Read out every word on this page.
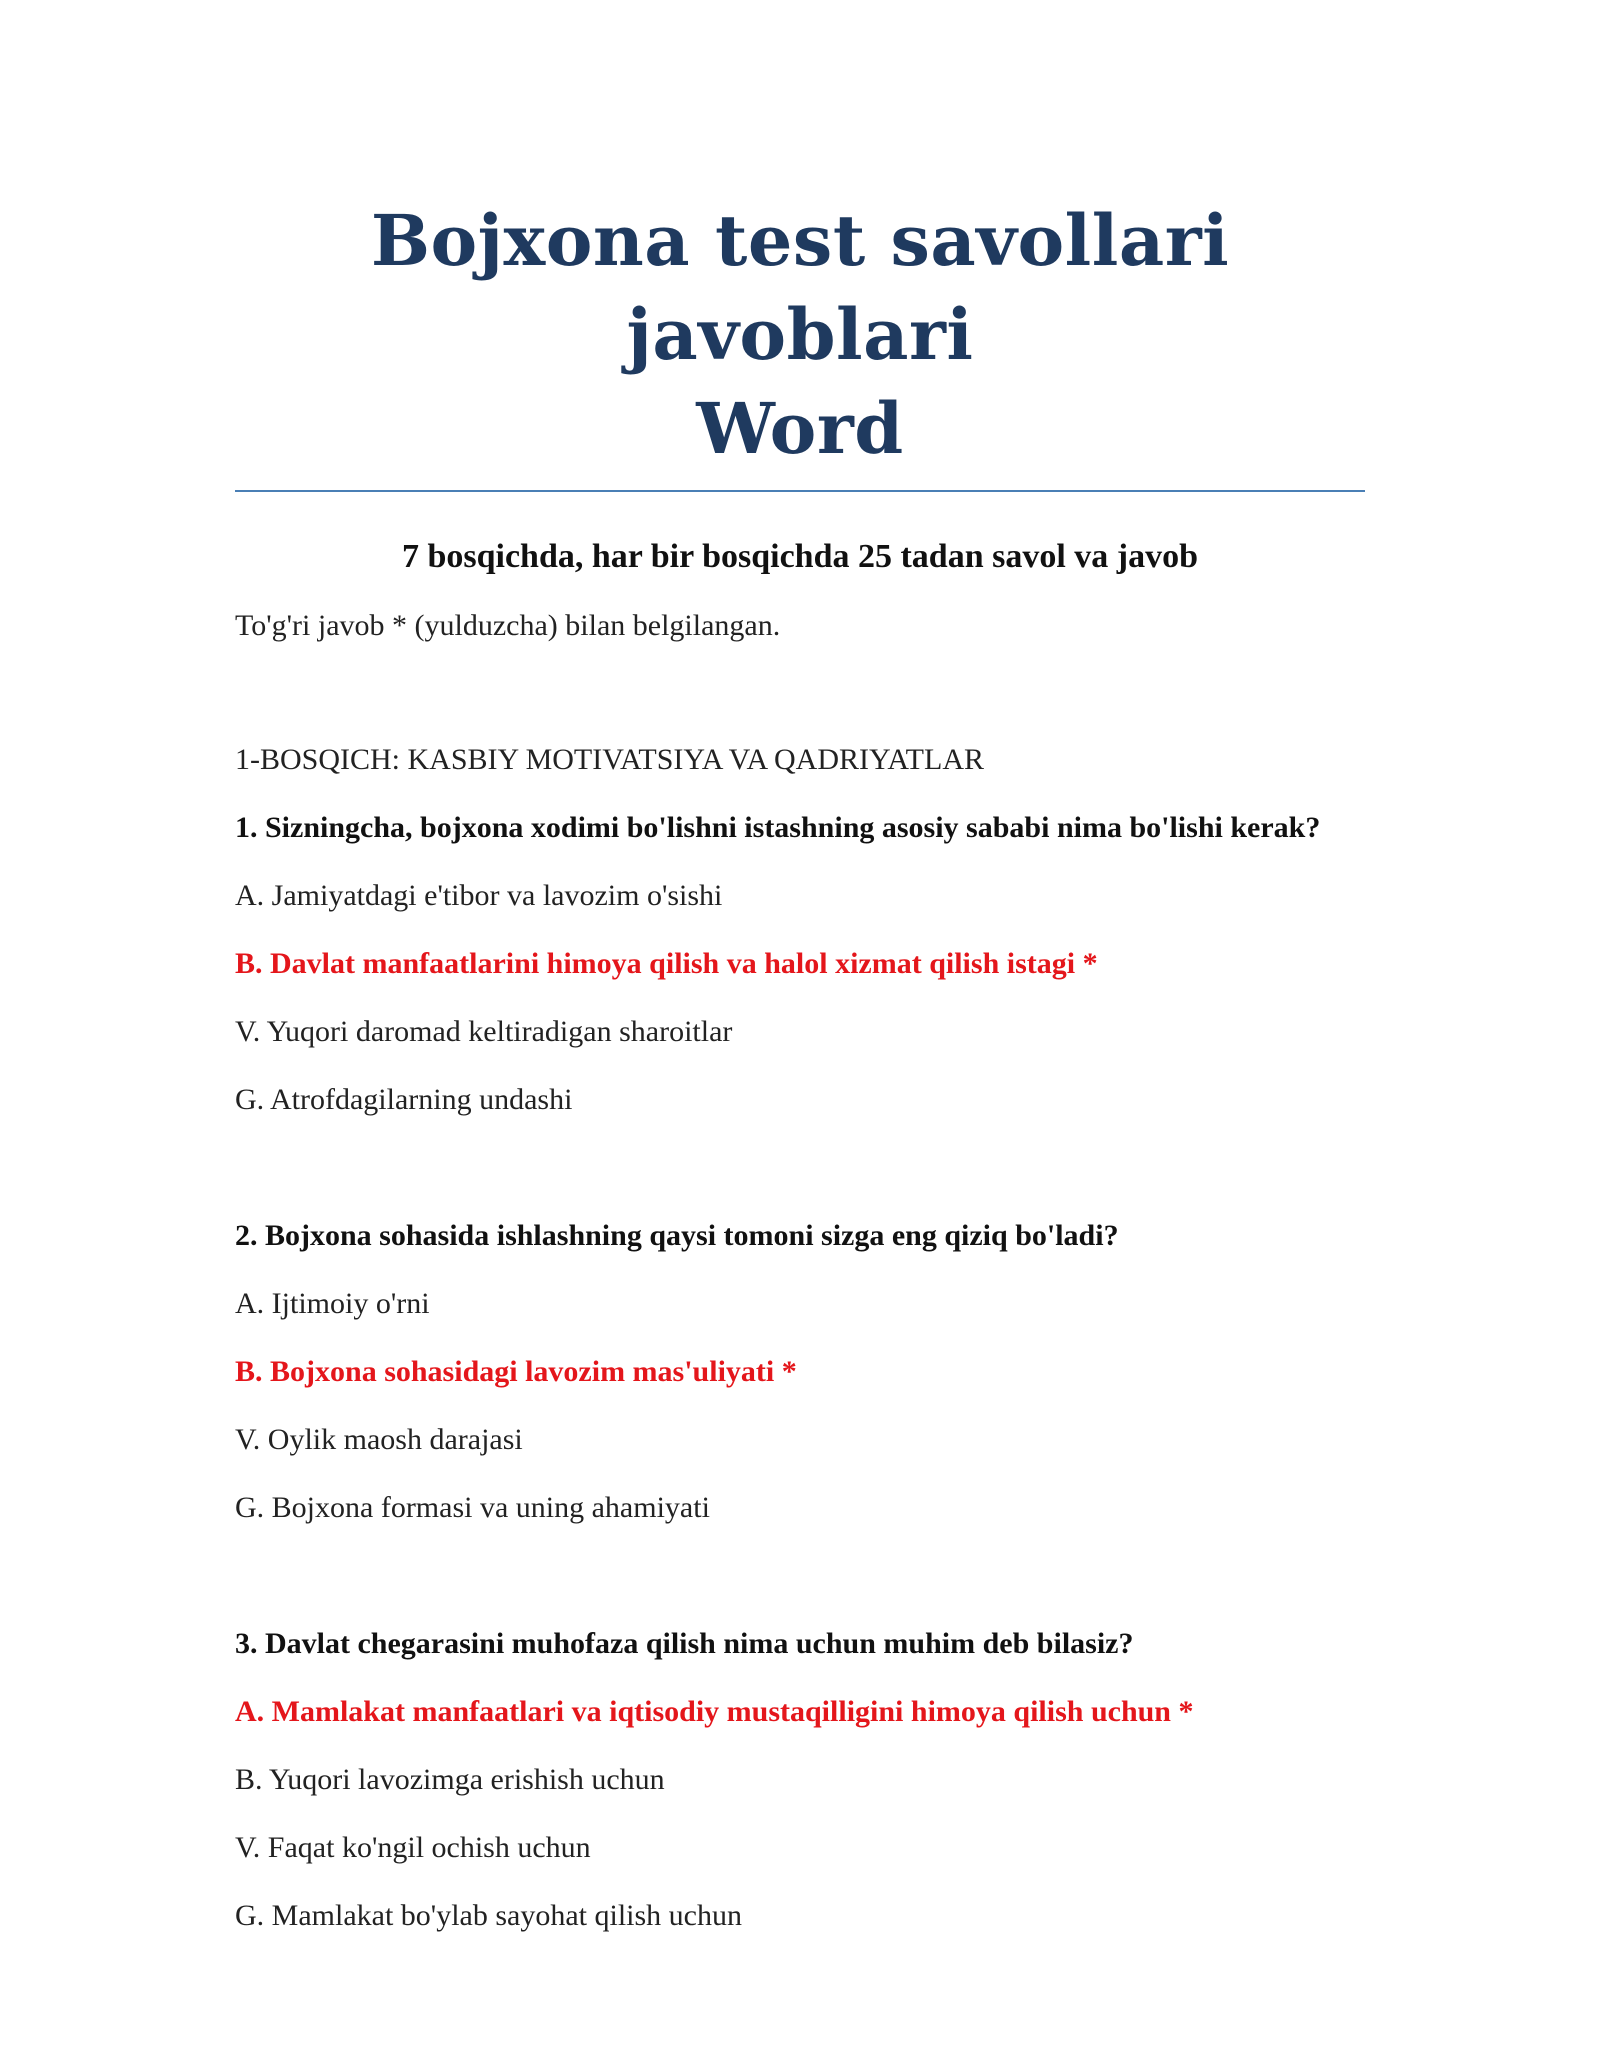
Bojxona test savollari javoblari
Word
7 bosqichda, har bir bosqichda 25 tadan savol va javob

To'g'ri javob * (yulduzcha) bilan belgilangan.

1-BOSQICH: KASBIY MOTIVATSIYA VA QADRIYATLAR

1. Sizningcha, bojxona xodimi bo'lishni istashning asosiy sababi nima bo'lishi kerak?

A. Jamiyatdagi e'tibor va lavozim o'sishi

B. Davlat manfaatlarini himoya qilish va halol xizmat qilish istagi *

V. Yuqori daromad keltiradigan sharoitlar

G. Atrofdagilarning undashi

2. Bojxona sohasida ishlashning qaysi tomoni sizga eng qiziq bo'ladi?

A. Ijtimoiy o'rni

B. Bojxona sohasidagi lavozim mas'uliyati *

V. Oylik maosh darajasi

G. Bojxona formasi va uning ahamiyati

3. Davlat chegarasini muhofaza qilish nima uchun muhim deb bilasiz?

A. Mamlakat manfaatlari va iqtisodiy mustaqilligini himoya qilish uchun *

B. Yuqori lavozimga erishish uchun

V. Faqat ko'ngil ochish uchun

G. Mamlakat bo'ylab sayohat qilish uchun
